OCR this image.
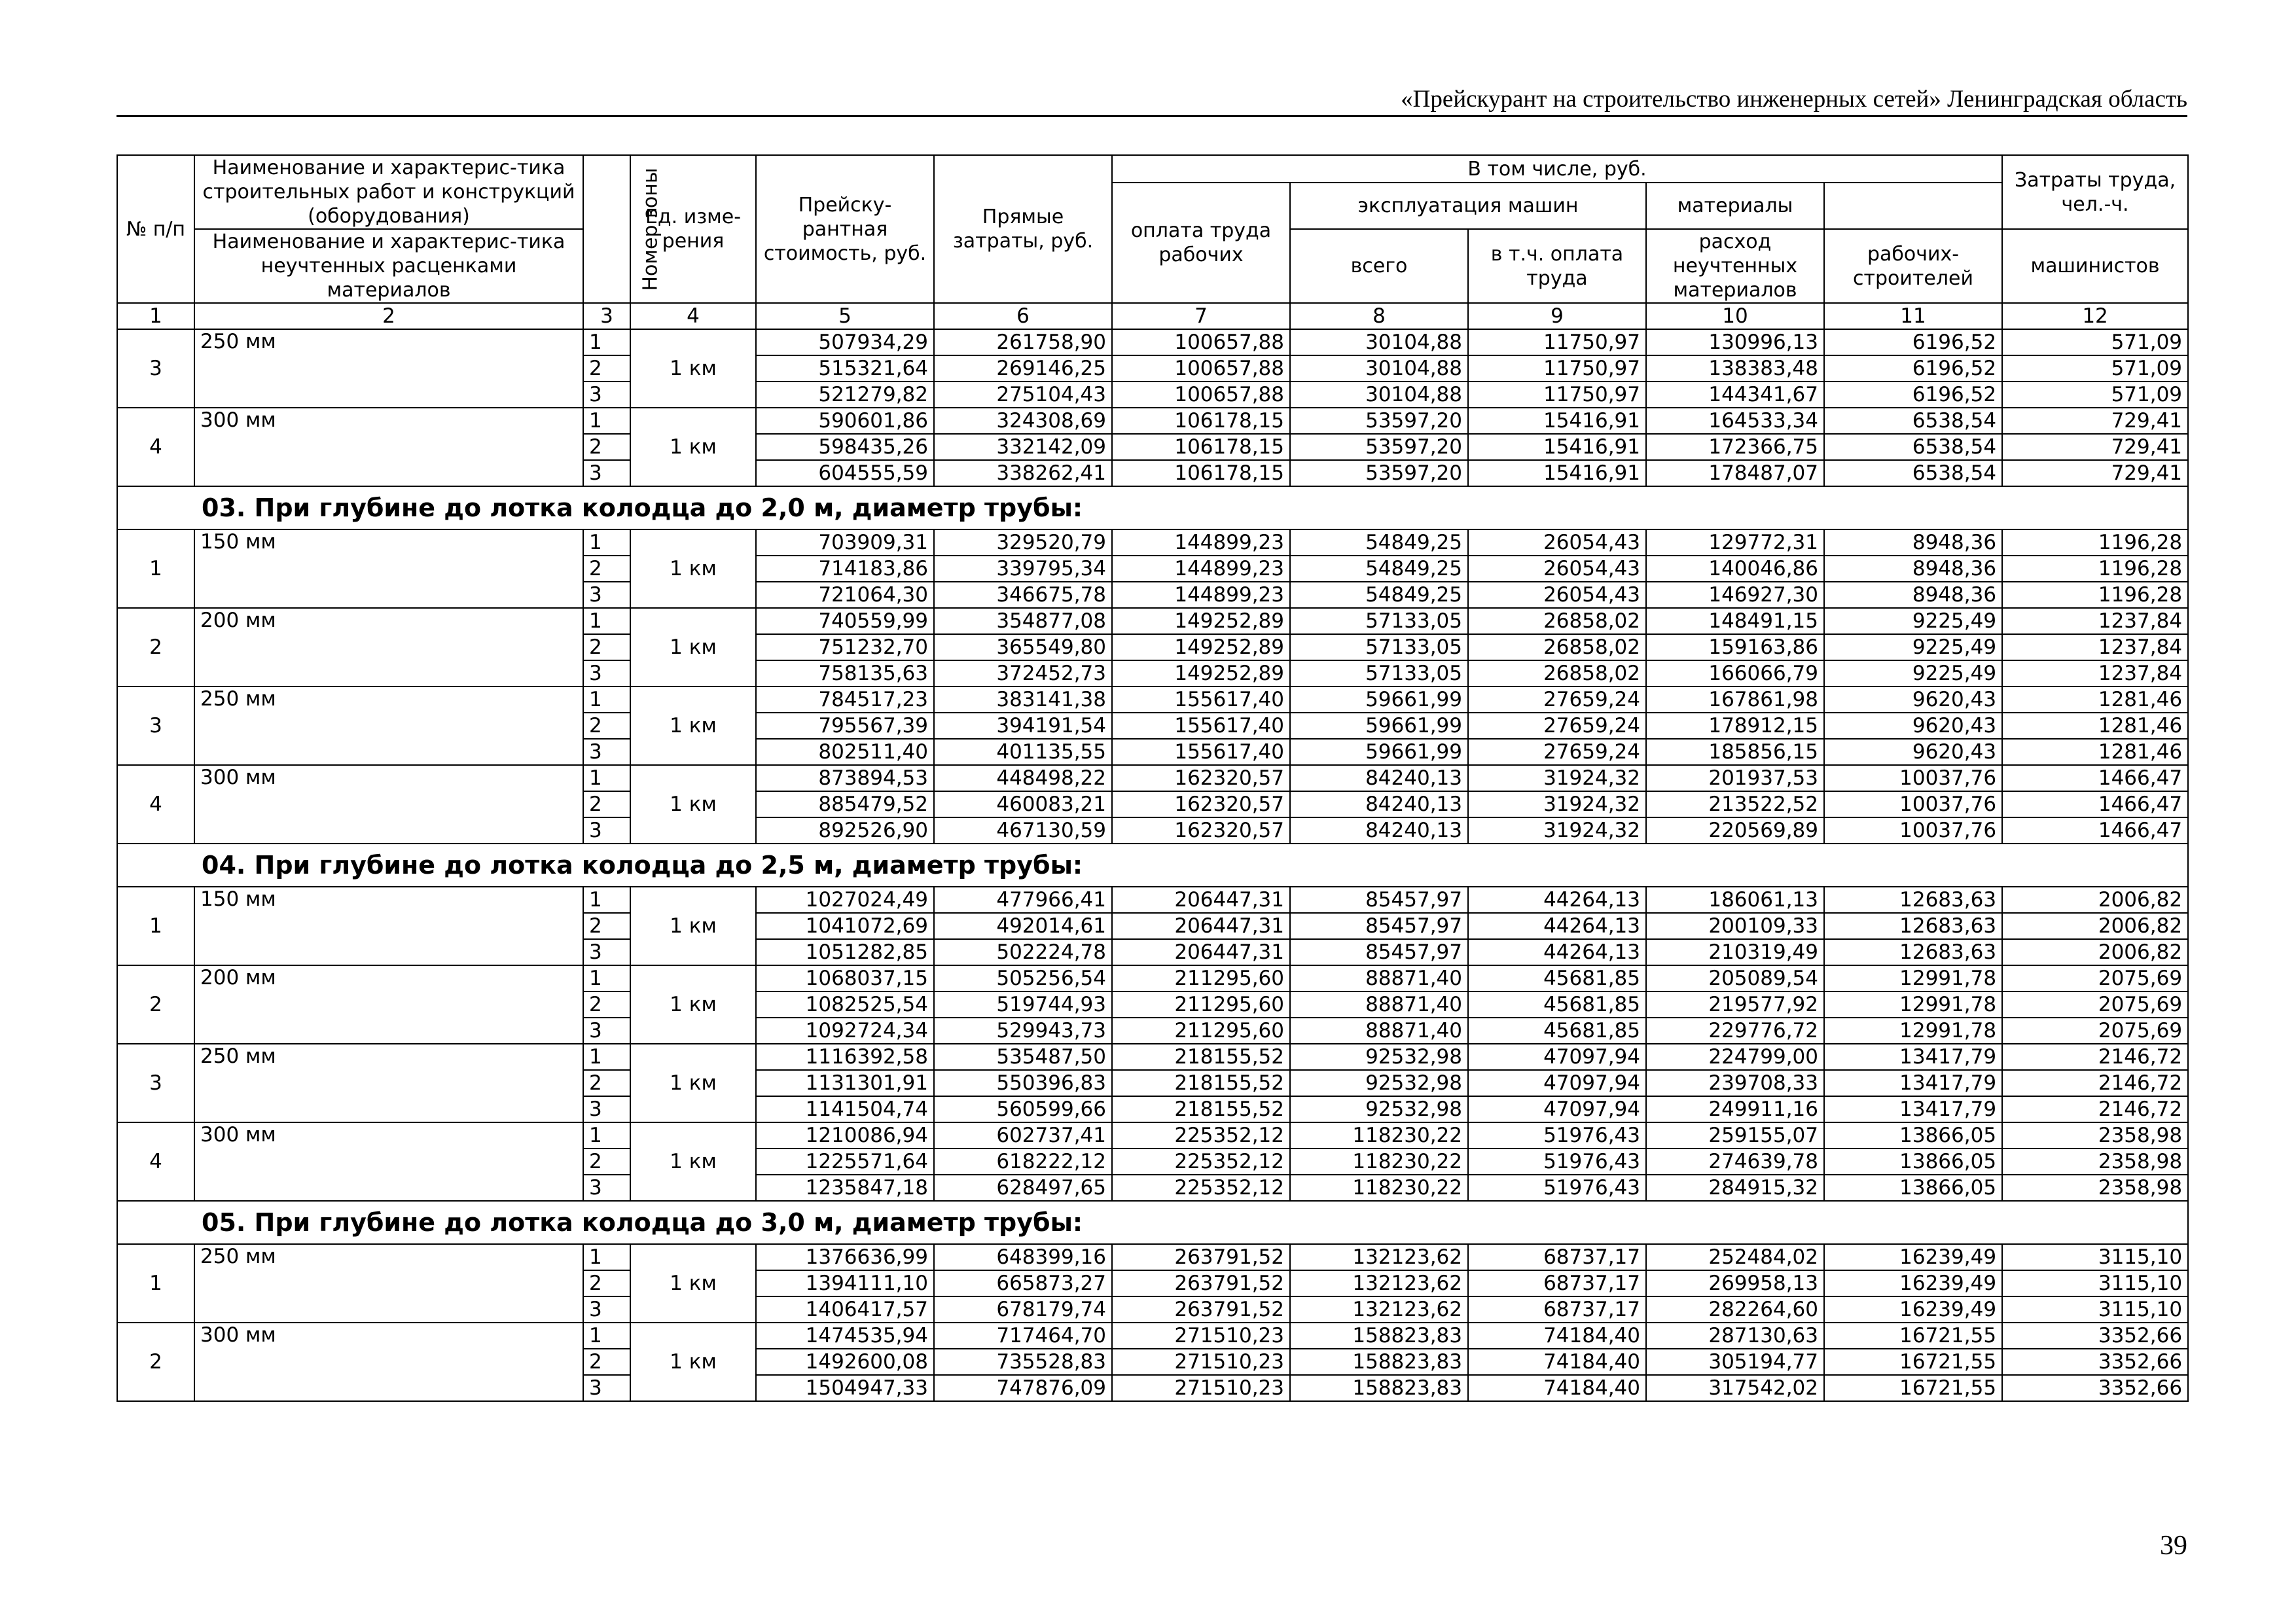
«Прейскурант на строительство инженерных сетей» Ленинградская область
№ п/п	Наименование и характерис-тика строительных работ и конструкций (оборудования)	Номер зоны	Ед. изме-рения	Прейску-рантная стоимость, руб.	Прямые затраты, руб.	В том числе, руб.					Затраты труда, чел.-ч.
						оплата труда рабочих	эксплуатация машин		материалы		
	Наименование и характерис-тика неучтенных расценками материалов						всего	в т.ч. оплата труда	расход неучтенных материалов	рабочих-строителей	машинистов

1	2	3	4	5	6	7	8	9	10	11	12
3	250 мм	1	1 км	507934,29	261758,90	100657,88	30104,88	11750,97	130996,13	6196,52	571,09
		2		515321,64	269146,25	100657,88	30104,88	11750,97	138383,48	6196,52	571,09
		3		521279,82	275104,43	100657,88	30104,88	11750,97	144341,67	6196,52	571,09
4	300 мм	1	1 км	590601,86	324308,69	106178,15	53597,20	15416,91	164533,34	6538,54	729,41
		2		598435,26	332142,09	106178,15	53597,20	15416,91	172366,75	6538,54	729,41
		3		604555,59	338262,41	106178,15	53597,20	15416,91	178487,07	6538,54	729,41
03. При глубине до лотка колодца до 2,0 м, диаметр трубы:											
1	150 мм	1	1 км	703909,31	329520,79	144899,23	54849,25	26054,43	129772,31	8948,36	1196,28
		2		714183,86	339795,34	144899,23	54849,25	26054,43	140046,86	8948,36	1196,28
		3		721064,30	346675,78	144899,23	54849,25	26054,43	146927,30	8948,36	1196,28
2	200 мм	1	1 км	740559,99	354877,08	149252,89	57133,05	26858,02	148491,15	9225,49	1237,84
		2		751232,70	365549,80	149252,89	57133,05	26858,02	159163,86	9225,49	1237,84
		3		758135,63	372452,73	149252,89	57133,05	26858,02	166066,79	9225,49	1237,84
3	250 мм	1	1 км	784517,23	383141,38	155617,40	59661,99	27659,24	167861,98	9620,43	1281,46
		2		795567,39	394191,54	155617,40	59661,99	27659,24	178912,15	9620,43	1281,46
		3		802511,40	401135,55	155617,40	59661,99	27659,24	185856,15	9620,43	1281,46
4	300 мм	1	1 км	873894,53	448498,22	162320,57	84240,13	31924,32	201937,53	10037,76	1466,47
		2		885479,52	460083,21	162320,57	84240,13	31924,32	213522,52	10037,76	1466,47
		3		892526,90	467130,59	162320,57	84240,13	31924,32	220569,89	10037,76	1466,47
04. При глубине до лотка колодца до 2,5 м, диаметр трубы:											
1	150 мм	1	1 км	1027024,49	477966,41	206447,31	85457,97	44264,13	186061,13	12683,63	2006,82
		2		1041072,69	492014,61	206447,31	85457,97	44264,13	200109,33	12683,63	2006,82
		3		1051282,85	502224,78	206447,31	85457,97	44264,13	210319,49	12683,63	2006,82
2	200 мм	1	1 км	1068037,15	505256,54	211295,60	88871,40	45681,85	205089,54	12991,78	2075,69
		2		1082525,54	519744,93	211295,60	88871,40	45681,85	219577,92	12991,78	2075,69
		3		1092724,34	529943,73	211295,60	88871,40	45681,85	229776,72	12991,78	2075,69
3	250 мм	1	1 км	1116392,58	535487,50	218155,52	92532,98	47097,94	224799,00	13417,79	2146,72
		2		1131301,91	550396,83	218155,52	92532,98	47097,94	239708,33	13417,79	2146,72
		3		1141504,74	560599,66	218155,52	92532,98	47097,94	249911,16	13417,79	2146,72
4	300 мм	1	1 км	1210086,94	602737,41	225352,12	118230,22	51976,43	259155,07	13866,05	2358,98
		2		1225571,64	618222,12	225352,12	118230,22	51976,43	274639,78	13866,05	2358,98
		3		1235847,18	628497,65	225352,12	118230,22	51976,43	284915,32	13866,05	2358,98
05. При глубине до лотка колодца до 3,0 м, диаметр трубы:											
1	250 мм	1	1 км	1376636,99	648399,16	263791,52	132123,62	68737,17	252484,02	16239,49	3115,10
		2		1394111,10	665873,27	263791,52	132123,62	68737,17	269958,13	16239,49	3115,10
		3		1406417,57	678179,74	263791,52	132123,62	68737,17	282264,60	16239,49	3115,10
2	300 мм	1	1 км	1474535,94	717464,70	271510,23	158823,83	74184,40	287130,63	16721,55	3352,66
		2		1492600,08	735528,83	271510,23	158823,83	74184,40	305194,77	16721,55	3352,66
		3		1504947,33	747876,09	271510,23	158823,83	74184,40	317542,02	16721,55	3352,66
39
